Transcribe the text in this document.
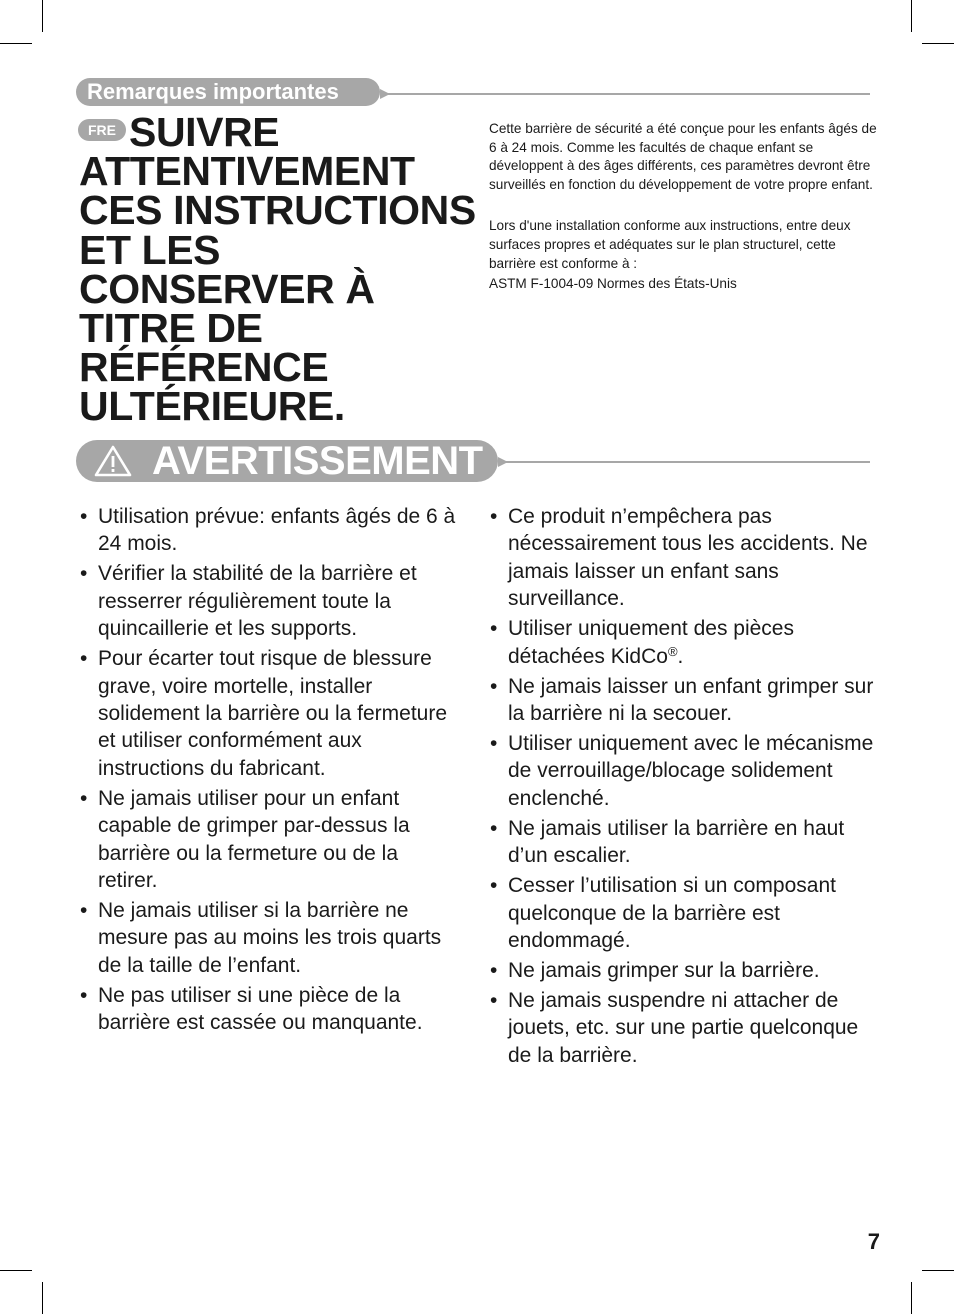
Remarques importantes
FRE SUIVRE ATTENTIVEMENT CES INSTRUCTIONS ET LES CONSERVER À TITRE DE RÉFÉRENCE ULTÉRIEURE.

Cette barrière de sécurité a été conçue pour les enfants âgés de 6 à 24 mois. Comme les facultés de chaque enfant se développent à des âges différents, ces paramètres devront être surveillés en fonction du développement de votre propre enfant.

Lors d'une installation conforme aux instructions, entre deux surfaces propres et adéquates sur le plan structurel, cette barrière est conforme à :

ASTM F-1004-09 Normes des États-Unis

AVERTISSEMENT
• Utilisation prévue: enfants âgés de 6 à 24 mois.
• Vérifier la stabilité de la barrière et resserrer régulièrement toute la quincaillerie et les supports.
• Pour écarter tout risque de blessure grave, voire mortelle, installer solidement la barrière ou la fermeture et utiliser conformément aux instructions du fabricant.
• Ne jamais utiliser pour un enfant capable de grimper par-dessus la barrière ou la fermeture ou de la retirer.
• Ne jamais utiliser si la barrière ne mesure pas au moins les trois quarts de la taille de l’enfant.
• Ne pas utiliser si une pièce de la barrière est cassée ou manquante.
• Ce produit n’empêchera pas nécessairement tous les accidents. Ne jamais laisser un enfant sans surveillance.
• Utiliser uniquement des pièces détachées KidCo®.
• Ne jamais laisser un enfant grimper sur la barrière ni la secouer.
• Utiliser uniquement avec le mécanisme de verrouillage/blocage solidement enclenché.
• Ne jamais utiliser la barrière en haut d’un escalier.
• Cesser l’utilisation si un composant quelconque de la barrière est endommagé.
• Ne jamais grimper sur la barrière.
• Ne jamais suspendre ni attacher de jouets, etc. sur une partie quelconque de la barrière.
7
